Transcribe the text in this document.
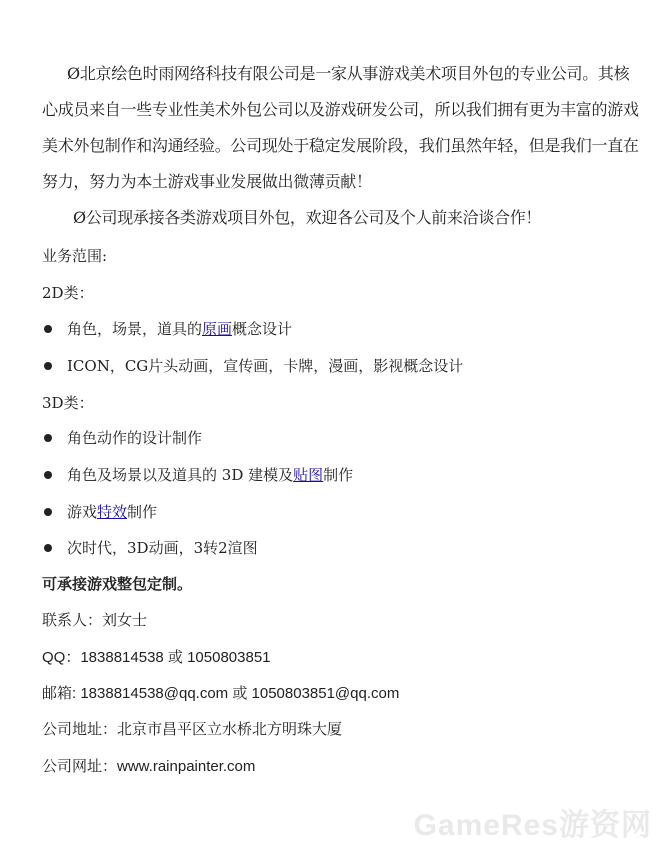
Ø北京绘色时雨网络科技有限公司是一家从事游戏美术项目外包的专业公司。其核心成员来自一些专业性美术外包公司以及游戏研发公司，所以我们拥有更为丰富的游戏美术外包制作和沟通经验。公司现处于稳定发展阶段，我们虽然年轻，但是我们一直在努力，努力为本土游戏事业发展做出微薄贡献！
Ø公司现承接各类游戏项目外包，欢迎各公司及个人前来洽谈合作！
业务范围:
2D类：
角色，场景，道具的原画概念设计
ICON，CG片头动画，宣传画，卡牌，漫画，影视概念设计
3D类：
角色动作的设计制作
角色及场景以及道具的 3D 建模及贴图制作
游戏特效制作
次时代，3D动画，3转2渲图
可承接游戏整包定制。
联系人：刘女士
QQ：1838814538 或 1050803851
邮箱: 1838814538@qq.com 或 1050803851@qq.com
公司地址：北京市昌平区立水桥北方明珠大厦
公司网址：www.rainpainter.com
GameRes游资网
